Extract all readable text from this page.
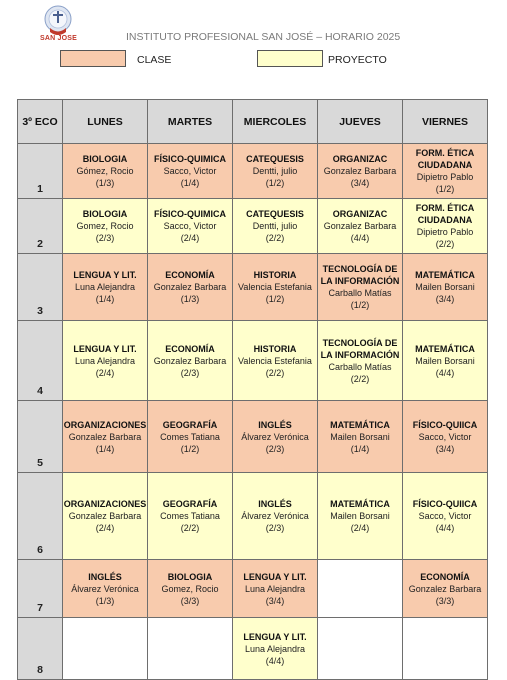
SAN JOSE	INSTITUTO PROFESIONAL SAN JOSÉ – HORARIO 2025
CLASE	PROYECTO
3º ECO	LUNES	MARTES	MIERCOLES	JUEVES	VIERNES
1	BIOLOGIA
Gómez, Rocio
(1/3)	FÍSICO-QUIMICA
Sacco, Victor
(1/4)	CATEQUESIS
Dentti, julio
(1/2)	ORGANIZAC
Gonzalez Barbara
(3/4)	FORM. ÉTICA CIUDADANA
Dipietro Pablo
(1/2)

2	BIOLOGIA
Gomez, Rocio
(2/3)	FÍSICO-QUIMICA
Sacco, Victor
(2/4)	CATEQUESIS
Dentti, julio
(2/2)	ORGANIZAC
Gonzalez Barbara
(4/4)	FORM. ÉTICA CIUDADANA
Dipietro Pablo
(2/2)

3	LENGUA Y LIT.
Luna Alejandra
(1/4)	ECONOMÍA
Gonzalez Barbara
(1/3)	HISTORIA
Valencia Estefania
(1/2)	TECNOLOGÍA DE LA INFORMACIÓN
Carballo Matías
(1/2)	MATEMÁTICA
Mailen Borsani
(3/4)

4	LENGUA Y LIT.
Luna Alejandra
(2/4)	ECONOMÍA
Gonzalez Barbara
(2/3)	HISTORIA
Valencia Estefania
(2/2)	TECNOLOGÍA DE LA INFORMACIÓN
Carballo Matías
(2/2)	MATEMÁTICA
Mailen Borsani
(4/4)

5	ORGANIZACIONES
Gonzalez Barbara
(1/4)	GEOGRAFÍA
Comes Tatiana
(1/2)	INGLÉS
Álvarez Verónica
(2/3)	MATEMÁTICA
Mailen Borsani
(1/4)	FÍSICO-QUIICA
Sacco, Victor
(3/4)

6	ORGANIZACIONES
Gonzalez Barbara
(2/4)	GEOGRAFÍA
Comes Tatiana
(2/2)	INGLÉS
Álvarez Verónica
(2/3)	MATEMÁTICA
Mailen Borsani
(2/4)	FÍSICO-QUIICA
Sacco, Victor
(4/4)

7	INGLÉS
Álvarez Verónica
(1/3)	BIOLOGIA
Gomez, Rocio
(3/3)	LENGUA Y LIT.
Luna Alejandra
(3/4)		ECONOMÍA
Gonzalez Barbara
(3/3)

8			LENGUA Y LIT.
Luna Alejandra
(4/4)		
